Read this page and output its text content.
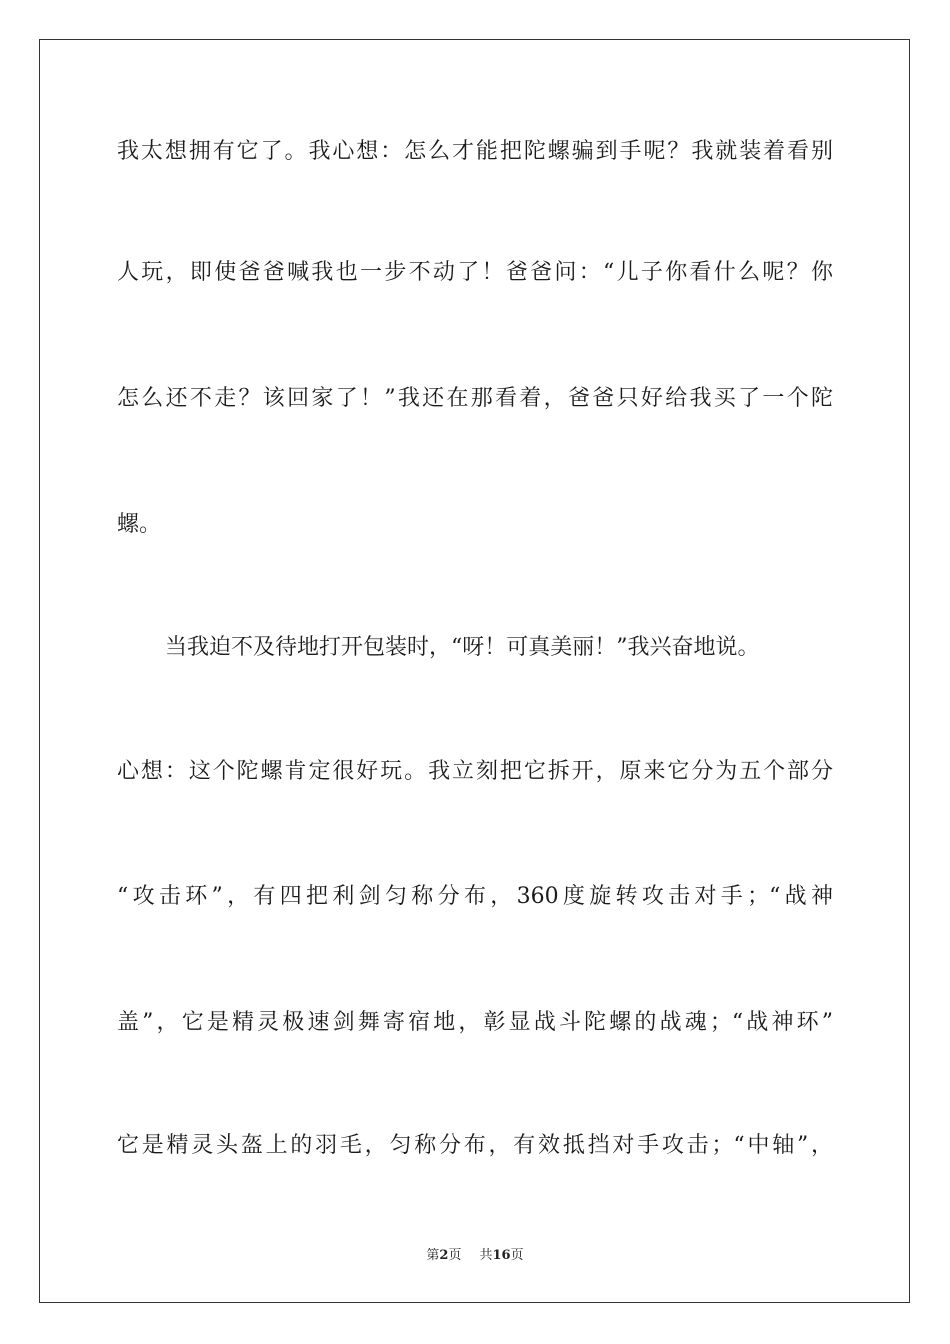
我太想拥有它了。我心想：怎么才能把陀螺骗到手呢？我就装着看别
人玩，即使爸爸喊我也一步不动了！爸爸问：“儿子你看什么呢？你
怎么还不走？该回家了！”我还在那看着，爸爸只好给我买了一个陀
螺。
当我迫不及待地打开包装时，“呀！可真美丽！”我兴奋地说。
心想：这个陀螺肯定很好玩。我立刻把它拆开，原来它分为五个部分
“攻击环”，有四把利剑匀称分布，360度旋转攻击对手；“战神
盖”，它是精灵极速剑舞寄宿地，彰显战斗陀螺的战魂；“战神环”
它是精灵头盔上的羽毛，匀称分布，有效抵挡对手攻击；“中轴”，
第2页 共16页
